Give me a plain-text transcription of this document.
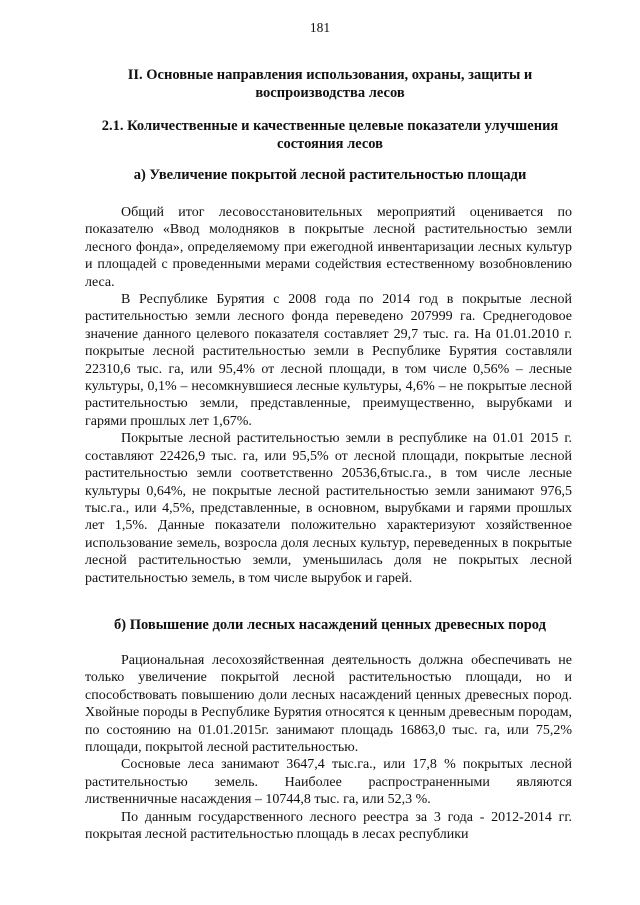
181
II. Основные направления использования, охраны, защиты и воспроизводства лесов
2.1. Количественные и качественные целевые показатели улучшения состояния лесов
а) Увеличение покрытой лесной растительностью площади

Общий итог лесовосстановительных мероприятий оценивается по показателю «Ввод молодняков в покрытые лесной растительностью земли лесного фонда», определяемому при ежегодной инвентаризации лесных культур и площадей с проведенными мерами содействия естественному возобновлению леса.

В Республике Бурятия с 2008 года по 2014 год в покрытые лесной растительностью земли лесного фонда переведено 207999 га. Среднегодовое значение данного целевого показателя составляет 29,7 тыс. га. На 01.01.2010 г. покрытые лесной растительностью земли в Республике Бурятия составляли 22310,6 тыс. га, или 95,4% от лесной площади, в том числе 0,56% – лесные культуры, 0,1% – несомкнувшиеся лесные культуры, 4,6% – не покрытые лесной растительностью земли, представленные, преимущественно, вырубками и гарями прошлых лет 1,67%.

Покрытые лесной растительностью земли в республике на 01.01 2015 г. составляют 22426,9 тыс. га, или 95,5% от лесной площади, покрытые лесной растительностью земли соответственно 20536,6тыс.га., в том числе лесные культуры 0,64%, не покрытые лесной растительностью земли занимают 976,5 тыс.га., или 4,5%, представленные, в основном, вырубками и гарями прошлых лет 1,5%. Данные показатели положительно характеризуют хозяйственное использование земель, возросла доля лесных культур, переведенных в покрытые лесной растительностью земли, уменьшилась доля не покрытых лесной растительностью земель, в том числе вырубок и гарей.

б) Повышение доли лесных насаждений ценных древесных пород

Рациональная лесохозяйственная деятельность должна обеспечивать не только увеличение покрытой лесной растительностью площади, но и способствовать повышению доли лесных насаждений ценных древесных пород. Хвойные породы в Республике Бурятия относятся к ценным древесным породам, по состоянию на 01.01.2015г. занимают площадь 16863,0 тыс. га, или 75,2% площади, покрытой лесной растительностью.

Сосновые леса занимают 3647,4 тыс.га., или 17,8 % покрытых лесной растительностью земель. Наиболее распространенными являются лиственничные насаждения – 10744,8 тыс. га, или 52,3 %.

По данным государственного лесного реестра за 3 года - 2012-2014 гг. покрытая лесной растительностью площадь в лесах республики
